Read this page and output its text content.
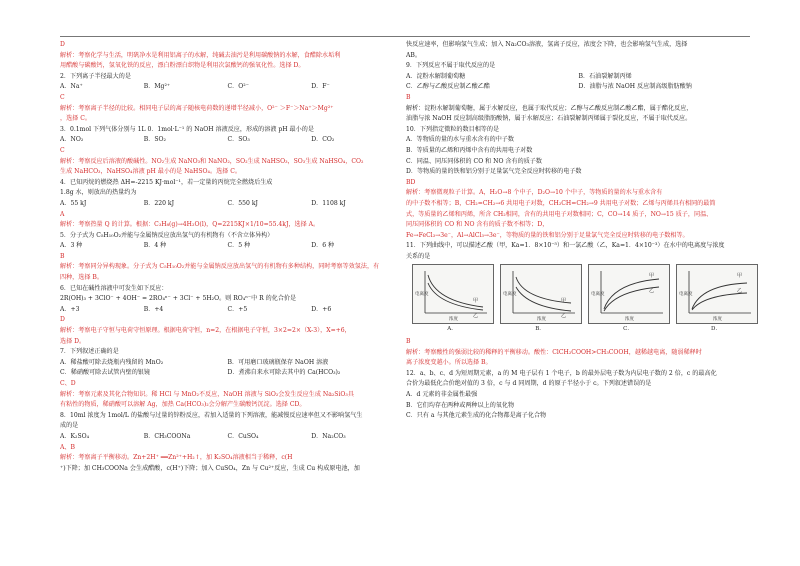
D

解析：考察化学与生活，明矾净水是利用铝离子的水解，纯碱去油污是利用碳酸钠的水解，食醋除水垢利

用醋酸与碳酸钙，氢氧化铁的反应，漂白粉漂白织物是利用次氯酸钙的强氧化性。选择 D。

2．下列离子半径最大的是

A．Na⁺	B．Mg²⁺	C．O²⁻	D．F⁻

C

解析：考察离子半径的比较。相同电子层的离子随核电荷数的递增半径减小，O²⁻ ＞F⁻＞Na⁺＞Mg²⁺

，选择 C。

3．0.1mol 下列气体分别与 1L 0．1mol·L⁻¹ 的 NaOH 溶液反应，形成的溶液 pH 最小的是

A．NO₂	B．SO₂	C．SO₃	D．CO₂

C

解析：考察反应后溶液的酸碱性。NO₂生成 NaNO₃和 NaNO₂，SO₂生成 NaHSO₃，SO₃生成 NaHSO₄，CO₂

生成 NaHCO₃，NaHSO₄溶液 pH 最小的是 NaHSO₄。选择 C。

4．已知丙烷的燃烧热 ΔH=-2215 KJ·mol⁻¹，若一定量的丙烷完全燃烧后生成

1.8g 水，则放出的热量约为

A．55 kJ	B．220 kJ	C．550 kJ	D．1108 kJ

A

解析：考察热量 Q 的计算。根据：C₃H₈(g)→4H₂O(l)，Q=2215KJ×1/10=55.4kJ，选择 A。

5．分子式为 C₅H₁₀O₂并能与金属钠反应放出氢气的有机物有（不含立体异构）

A．3 种	B．4 种	C．5 种	D．6 种

B

解析：考察同分异构现象。分子式为 C₅H₁₀O₂并能与金属钠反应放出氢气的有机物有多种结构，同时考察等效氢法，有

四种，选择 B。

6．已知在碱性溶液中可发生如下反应：

2R(OH)₃ + 3ClO⁻ + 4OH⁻ = 2RO₄ⁿ⁻ + 3Cl⁻ + 5H₂O。则 RO₄ⁿ⁻中 R 的化合价是

A．+3	B．+4	C．+5	D．+6

D

解析：考察电子守恒与电荷守恒原理。根据电荷守恒，n=2，在根据电子守恒，3×2=2×（X-3），X=+6，

选择 D。

7．下列叙述正确的是

A．稀盐酸可除去烧瓶内残留的 MnO₂	B．可用磨口玻璃瓶保存 NaOH 溶液
C．稀硝酸可除去试管内壁的银镜	D．煮沸自来水可除去其中的 Ca(HCO₃)₂

C、D

解析：考察元素及其化合物知识。稀 HCl 与 MnO₂不反应，NaOH 溶液与 SiO₂会发生反应生成 Na₂SiO₃具

有粘性的物质，稀硝酸可以溶解 Ag，加热 Ca(HCO₃)₂会分解产生碳酸钙沉淀。选择 CD。

8．10ml 浓度为 1mol/L 的盐酸与过量的锌粉反应，若加入适量的下列溶液，能减慢反应速率但又不影响氢气生

成的是

A．K₂SO₄	B．CH₃COONa	C．CuSO₄	D．Na₂CO₃

A、B

解析：考察离子平衡移动。Zn+2H⁺ ══Zn²⁺+H₂↑，加 K₂SO₄溶液相当于稀释，c(H

⁺)下降；加 CH₃COONa 会生成醋酸，c(H⁺)下降；加入 CuSO₄，Zn 与 Cu²⁺反应，生成 Cu 构成原电池，加

快反应速率，但影响氢气生成；加入 Na₂CO₃溶液，氢离子反应，浓度会下降，也会影响氢气生成，选择

AB。

9．下列反应不属于取代反应的是

A．淀粉水解制葡萄糖	B．石油裂解制丙烯
C．乙醇与乙酸反应制乙酸乙酯	D．油脂与浓 NaOH 反应制高级脂肪酸钠

B

解析：淀粉水解制葡萄糖，属于水解反应，也属于取代反应；乙醇与乙酸反应制乙酸乙酯，属于酯化反应，

油脂与浓 NaOH 反应制高级脂肪酸钠，属于水解反应；石油裂解制丙烯属于裂化反应，不属于取代反应。

10．下列指定微粒的数目相等的是

A．等物质的量的水与重水含有的中子数

B．等质量的乙烯和丙烯中含有的共用电子对数

C．同温、同压同体积的 CO 和 NO 含有的质子数

D．等物质的量的铁和铝分别于足量氯气完全反应时转移的电子数

BD

解析：考察微观粒子计算。A，H₂O→8 个中子，D₂O→10 个中子，等物质的量的水与重水含有

的中子数不相等；B，CH₂=CH₂→6 共用电子对数，CH₂CH=CH₂→9 共用电子对数；乙烯与丙烯具有相同的最简

式，等质量的乙烯和丙烯，所含 CH₂相同，含有的共用电子对数相同；C，CO→14 质子，NO→15 质子，同温、

同压同体积的 CO 和 NO 含有的质子数不相等；D，

Fe→FeCl₃→3e⁻，Al→AlCl₃→3e⁻，等物质的量的铁和铝分别于足量氯气完全反应时转移的电子数相等。

11．下列曲线中，可以描述乙酸（甲，Ka=1．8×10⁻⁵）和一氯乙酸（乙，Ka=1．4×10⁻³）在水中的电离度与浓度

关系的是

甲
乙
电离度
浓度
A．
甲
乙
电离度
浓度
B．
甲
乙
电离度
浓度
C．
甲
乙
电离度
浓度
D．

B

解析：考察酸性的强弱比较的稀释的平衡移动。酸性：ClCH₂COOH>CH₃COOH，越稀越电离，随弱稀释时

离子浓度变越小。所以选择 B。

12．a、b、c、d 为短周期元素，a 的 M 电子层有 1 个电子，b 的最外层电子数为内层电子数的 2 倍，c 的最高化

合价为最低化合价绝对值的 3 倍，c 与 d 同周期，d 的原子半径小于 c。下列叙述错误的是

A．d 元素的非金属性最强

B．它们均存在两种或两种以上的氧化物

C．只有 a 与其他元素生成的化合物都是离子化合物
